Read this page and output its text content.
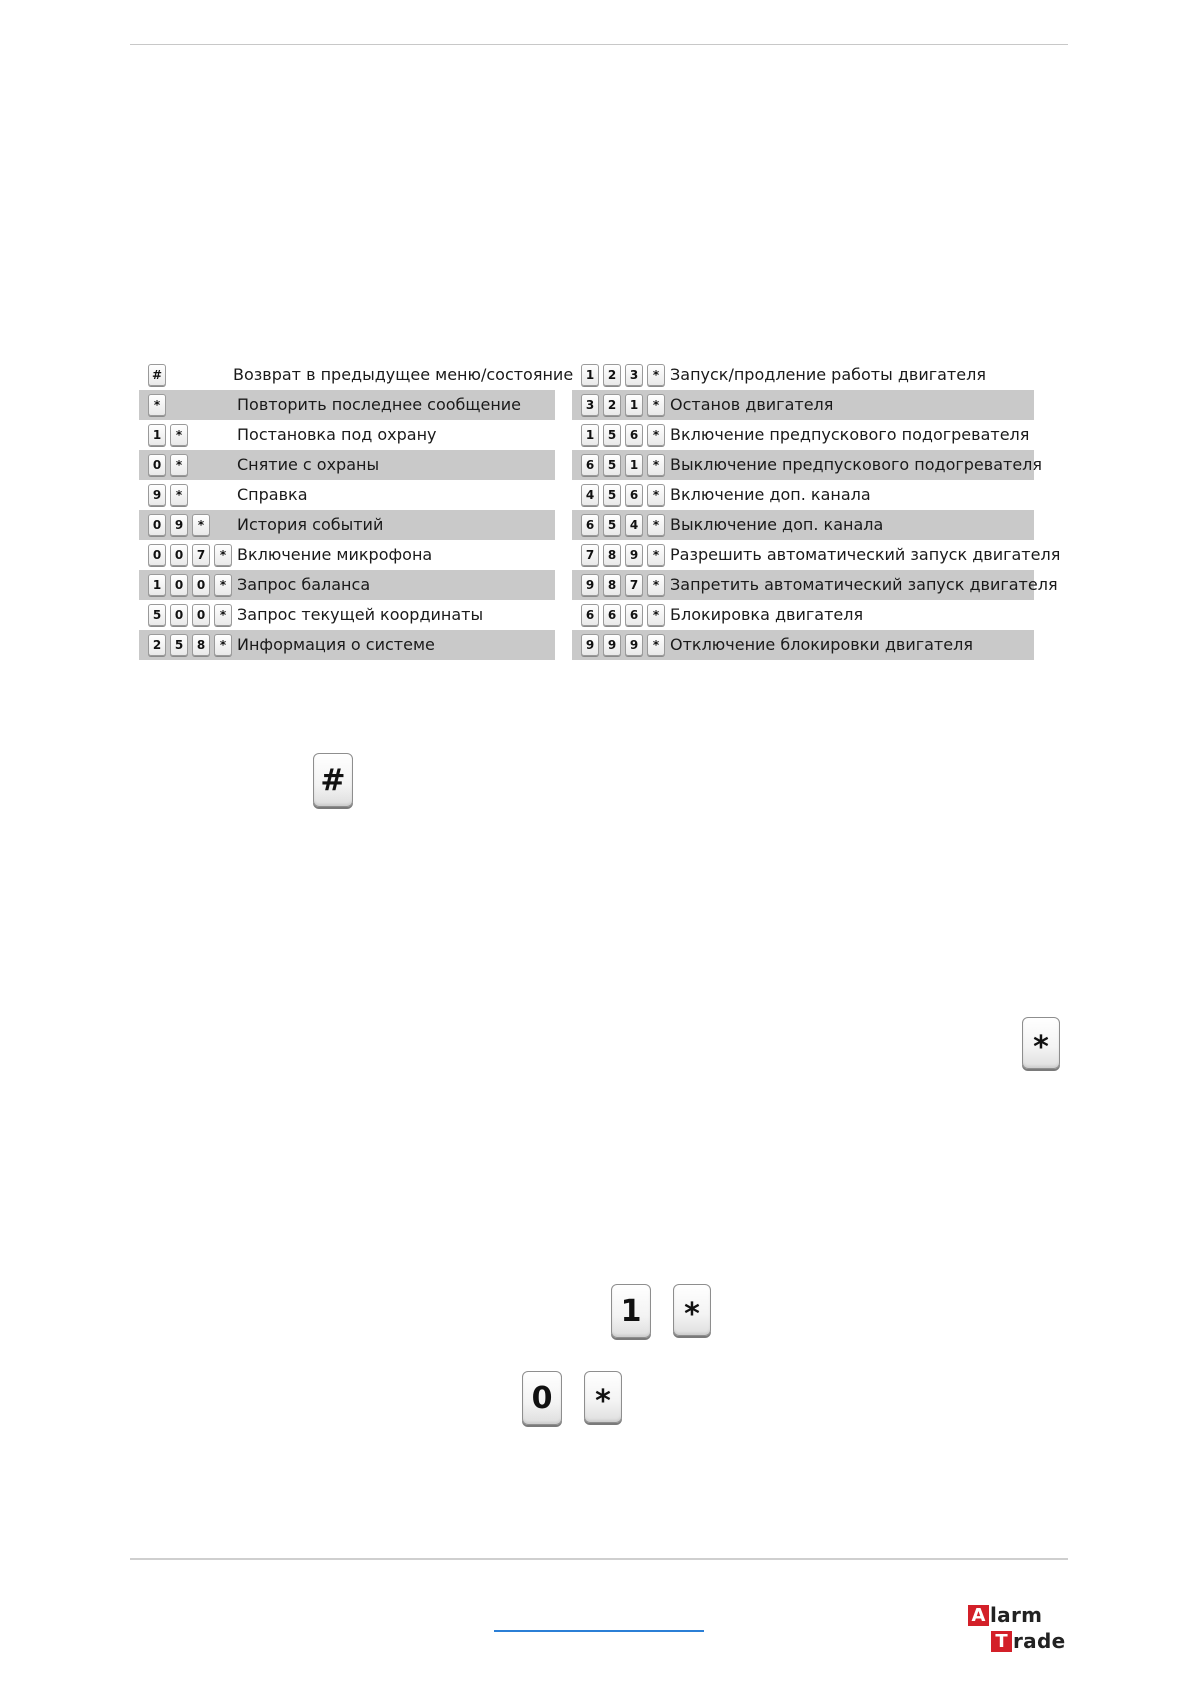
#	Возврат в предыдущее меню/состояние
*	Повторить последнее сообщение
1	*	Постановка под охрану
0	*	Снятие с охраны
9	*	Справка
0	9	*	История событий
0	0	7	* Включение микрофона
1	0	0	* Запрос баланса
5	0	0	* Запрос текущей координаты
2	5	8	* Информация о системе
1	2	3	* Запуск/продление работы двигателя
3	2	1	* Останов двигателя
1	5	6	* Включение предпускового подогревателя
6	5	1	* Выключение предпускового подогревателя
4	5	6	* Включение доп. канала
6	5	4	* Выключение доп. канала
7	8	9	* Разрешить автоматический запуск двигателя
9	8	7	* Запретить автоматический запуск двигателя
6	6	6	* Блокировка двигателя
9	9	9	* Отключение блокировки двигателя
#
*
1	*
0	*
A larm
T rade
